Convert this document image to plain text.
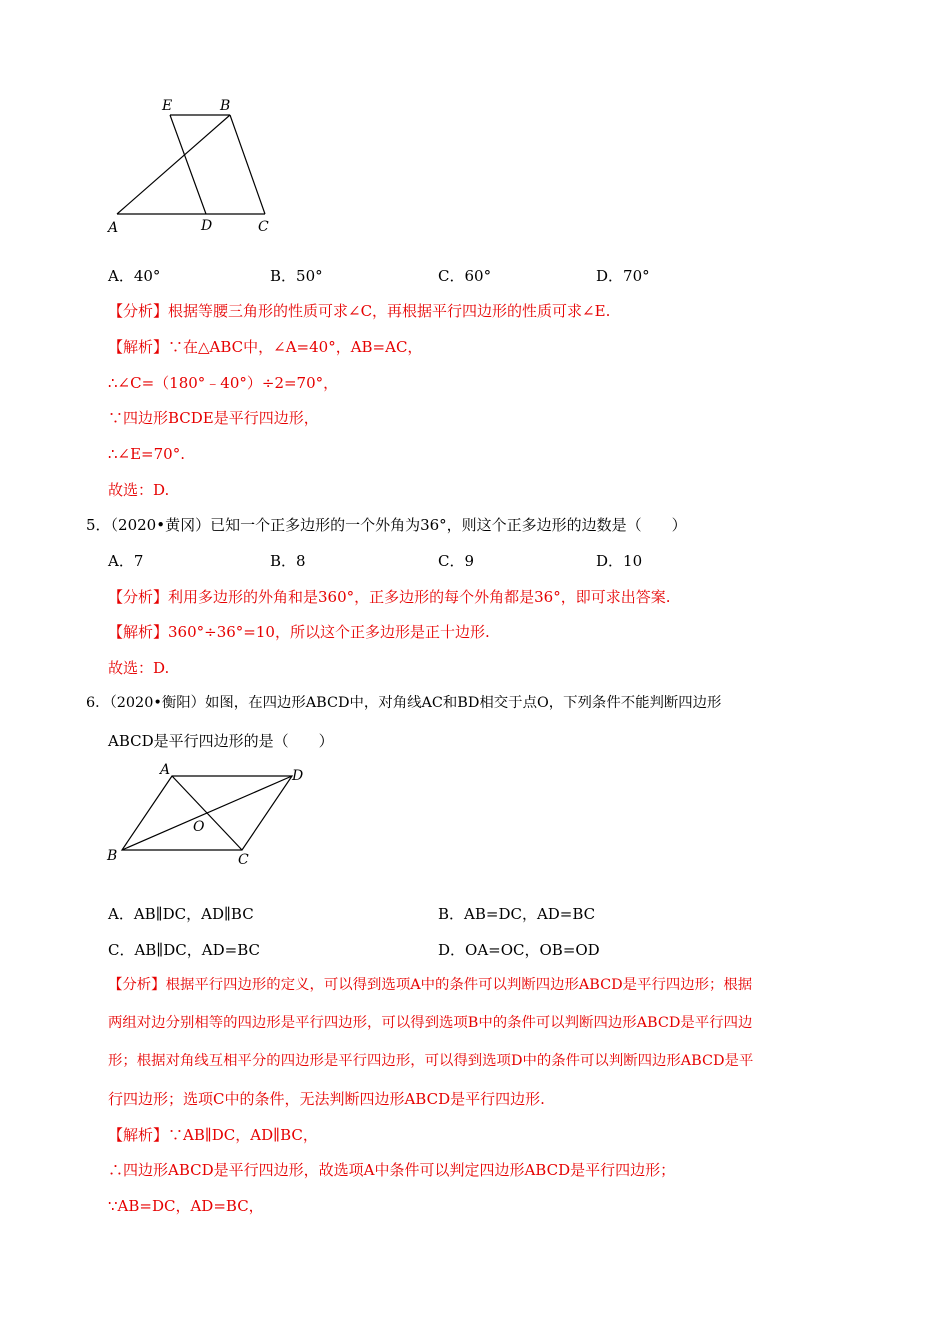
E	B
A	D	C
A．40°	B．50°	C．60°	D．70°
【分析】根据等腰三角形的性质可求∠C，再根据平行四边形的性质可求∠E.
【解析】∵在△ABC中，∠A=40°，AB=AC，
∴∠C=（180°﹣40°）÷2=70°，
∵四边形BCDE是平行四边形，
∴∠E=70°.
故选：D.
5．（2020•黄冈）已知一个正多边形的一个外角为36°，则这个正多边形的边数是（　　）
A．7	B．8	C．9	D．10
【分析】利用多边形的外角和是360°，正多边形的每个外角都是36°，即可求出答案.
【解析】360°÷36°=10，所以这个正多边形是正十边形.
故选：D.
6．（2020•衡阳）如图，在四边形ABCD中，对角线AC和BD相交于点O，下列条件不能判断四边形
ABCD是平行四边形的是（　　）
A	D
O
B	C
A．AB∥DC，AD∥BC	B．AB=DC，AD=BC
C．AB∥DC，AD=BC	D．OA=OC，OB=OD
【分析】根据平行四边形的定义，可以得到选项A中的条件可以判断四边形ABCD是平行四边形；根据
两组对边分别相等的四边形是平行四边形，可以得到选项B中的条件可以判断四边形ABCD是平行四边
形；根据对角线互相平分的四边形是平行四边形，可以得到选项D中的条件可以判断四边形ABCD是平
行四边形；选项C中的条件，无法判断四边形ABCD是平行四边形.
【解析】∵AB∥DC，AD∥BC，
∴四边形ABCD是平行四边形，故选项A中条件可以判定四边形ABCD是平行四边形；
∵AB=DC，AD=BC，
